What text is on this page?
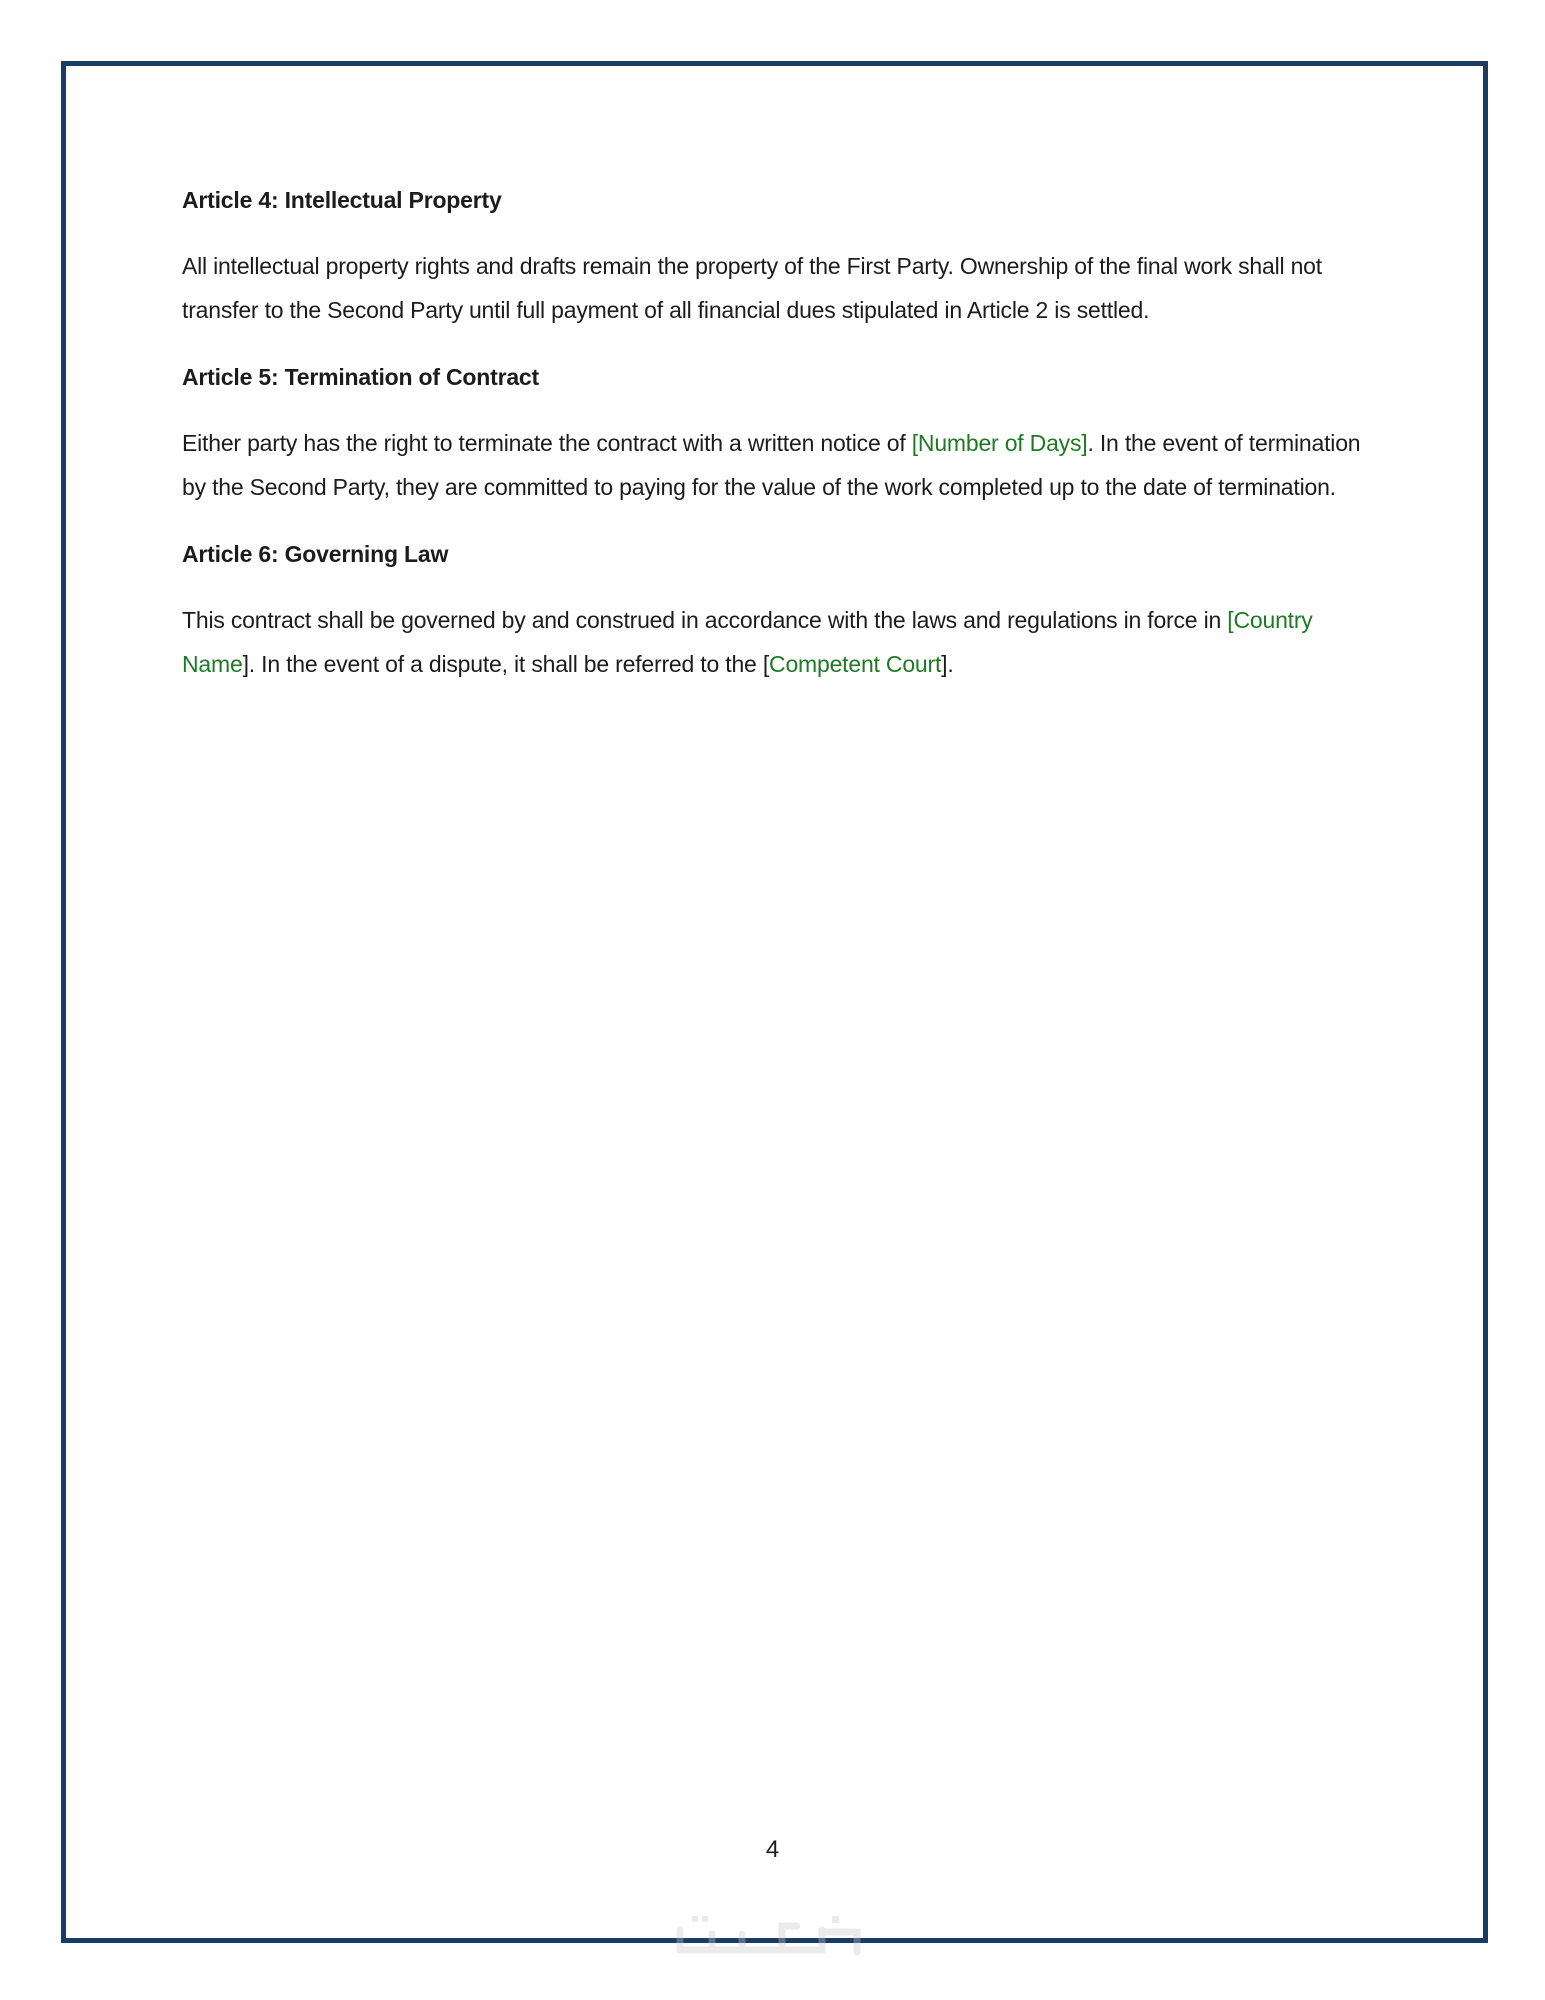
Article 4: Intellectual Property

All intellectual property rights and drafts remain the property of the First Party. Ownership of the final work shall not transfer to the Second Party until full payment of all financial dues stipulated in Article 2 is settled.

Article 5: Termination of Contract

Either party has the right to terminate the contract with a written notice of [Number of Days]. In the event of termination by the Second Party, they are committed to paying for the value of the work completed up to the date of termination.

Article 6: Governing Law

This contract shall be governed by and construed in accordance with the laws and regulations in force in [Country Name]. In the event of a dispute, it shall be referred to the [Competent Court].

4
